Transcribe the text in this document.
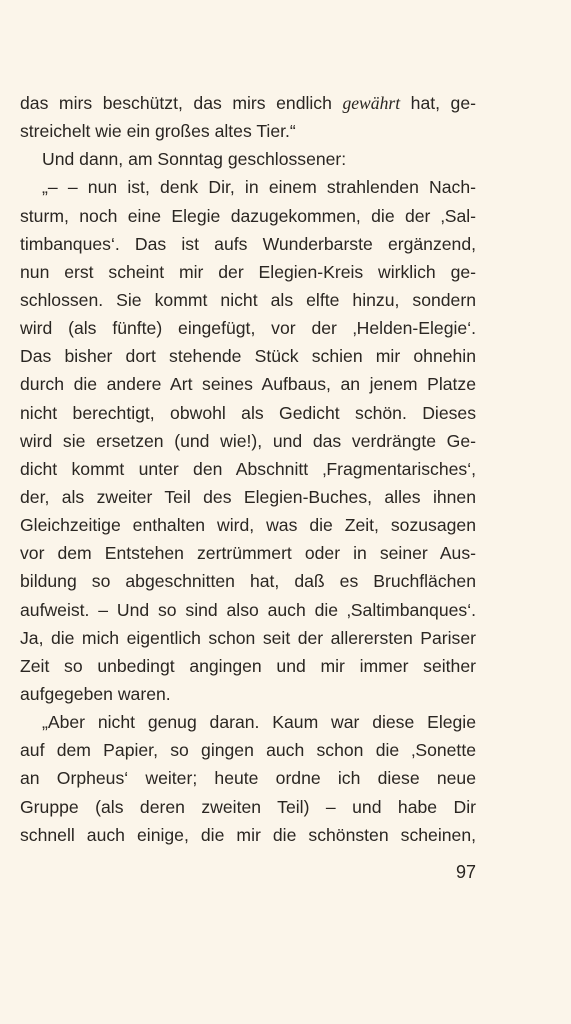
das mirs beschützt, das mirs endlich gewährt hat, ge-
streichelt wie ein großes altes Tier.“
Und dann, am Sonntag geschlossener:
„– – nun ist, denk Dir, in einem strahlenden Nach-
sturm, noch eine Elegie dazugekommen, die der ‚Sal-
timbanques‘. Das ist aufs Wunderbarste ergänzend,
nun erst scheint mir der Elegien-Kreis wirklich ge-
schlossen. Sie kommt nicht als elfte hinzu, sondern
wird (als fünfte) eingefügt, vor der ‚Helden-Elegie‘.
Das bisher dort stehende Stück schien mir ohnehin
durch die andere Art seines Aufbaus, an jenem Platze
nicht berechtigt, obwohl als Gedicht schön. Dieses
wird sie ersetzen (und wie!), und das verdrängte Ge-
dicht kommt unter den Abschnitt ‚Fragmentarisches‘,
der, als zweiter Teil des Elegien-Buches, alles ihnen
Gleichzeitige enthalten wird, was die Zeit, sozusagen
vor dem Entstehen zertrümmert oder in seiner Aus-
bildung so abgeschnitten hat, daß es Bruchflächen
aufweist. – Und so sind also auch die ‚Saltimbanques‘.
Ja, die mich eigentlich schon seit der allerersten Pariser
Zeit so unbedingt angingen und mir immer seither
aufgegeben waren.
„Aber nicht genug daran. Kaum war diese Elegie
auf dem Papier, so gingen auch schon die ‚Sonette
an Orpheus‘ weiter; heute ordne ich diese neue
Gruppe (als deren zweiten Teil) – und habe Dir
schnell auch einige, die mir die schönsten scheinen,
97
